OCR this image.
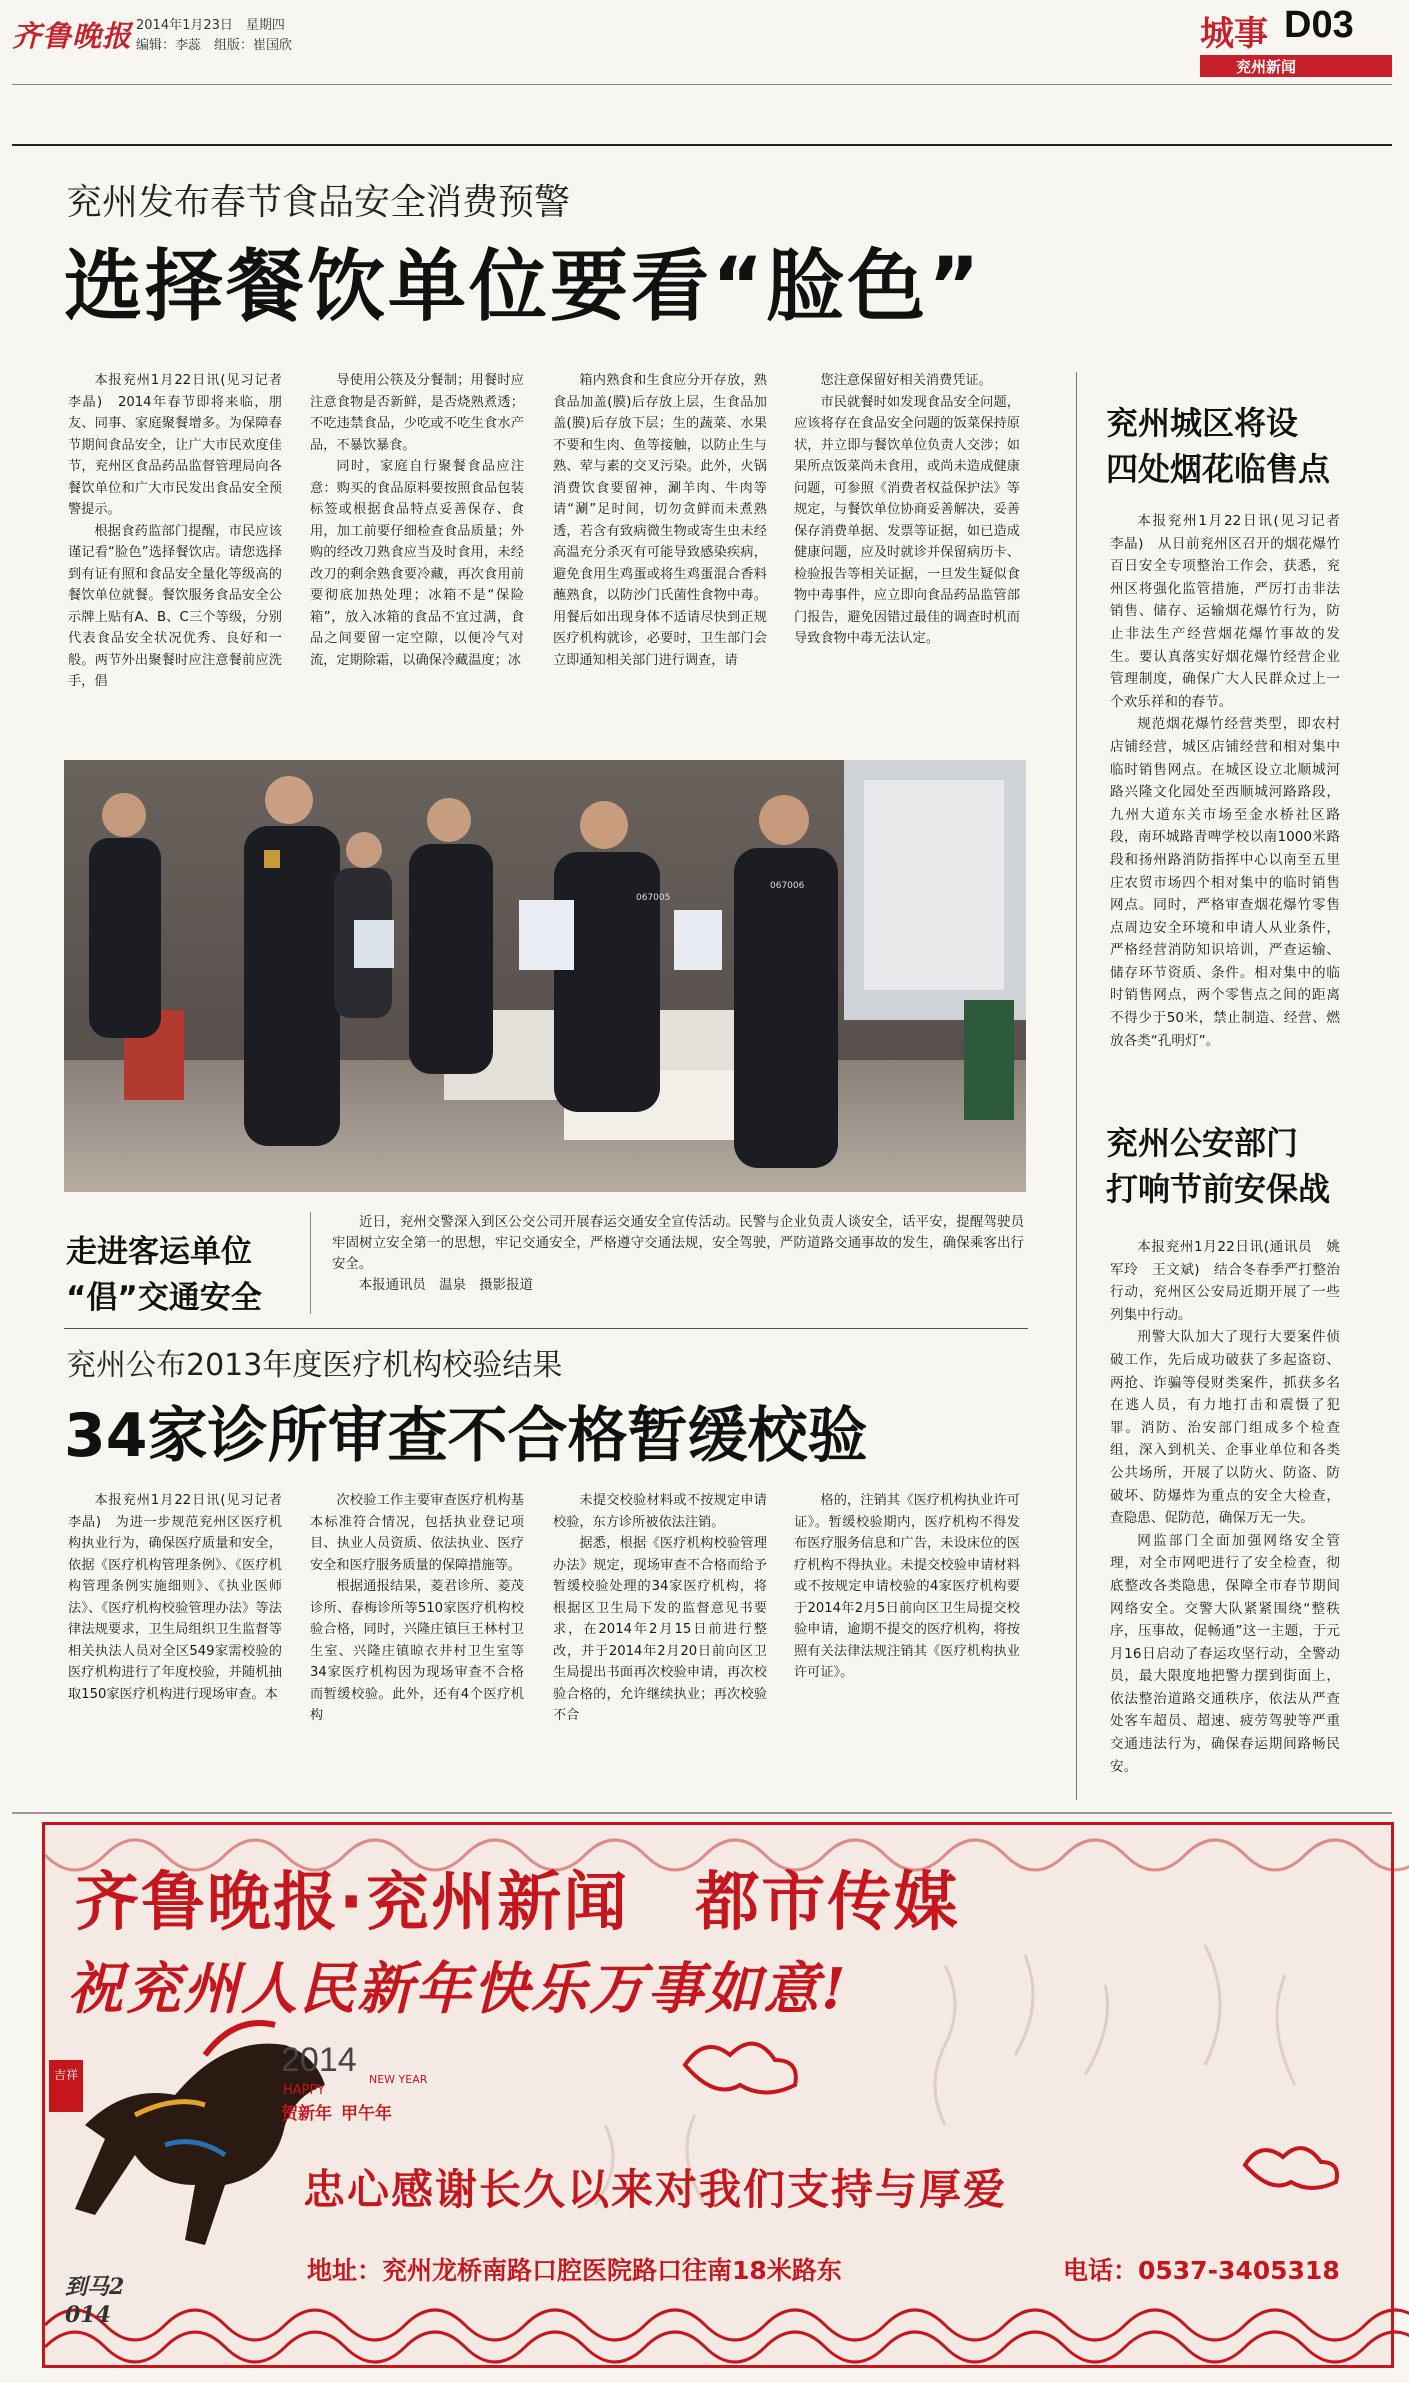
齐鲁晚报 2014年1月23日　星期四
编辑：李蕊　组版：崔国欣	城事 D03
兖州新闻
兖州发布春节食品安全消费预警
选择餐饮单位要看“脸色”

本报兖州1月22日讯(见习记者　李晶)　2014年春节即将来临，朋友、同事、家庭聚餐增多。为保障春节期间食品安全，让广大市民欢度佳节，兖州区食品药品监督管理局向各餐饮单位和广大市民发出食品安全预警提示。

根据食药监部门提醒，市民应该谨记看“脸色”选择餐饮店。请您选择到有证有照和食品安全量化等级高的餐饮单位就餐。餐饮服务食品安全公示牌上贴有A、B、C三个等级，分别代表食品安全状况优秀、良好和一般。两节外出聚餐时应注意餐前应洗手，倡

导使用公筷及分餐制；用餐时应注意食物是否新鲜，是否烧熟煮透；不吃违禁食品，少吃或不吃生食水产品，不暴饮暴食。

同时，家庭自行聚餐食品应注意：购买的食品原料要按照食品包装标签或根据食品特点妥善保存、食用，加工前要仔细检查食品质量；外购的经改刀熟食应当及时食用，未经改刀的剩余熟食要冷藏，再次食用前要彻底加热处理；冰箱不是“保险箱”，放入冰箱的食品不宜过满，食品之间要留一定空隙，以便冷气对流，定期除霜，以确保冷藏温度；冰

箱内熟食和生食应分开存放，熟食品加盖(膜)后存放上层，生食品加盖(膜)后存放下层；生的蔬菜、水果不要和生肉、鱼等接触，以防止生与熟、荤与素的交叉污染。此外，火锅消费饮食要留神，涮羊肉、牛肉等请“涮”足时间，切勿贪鲜而未煮熟透，若含有致病微生物或寄生虫未经高温充分杀灭有可能导致感染疾病，避免食用生鸡蛋或将生鸡蛋混合香料蘸熟食，以防沙门氏菌性食物中毒。用餐后如出现身体不适请尽快到正规医疗机构就诊，必要时，卫生部门会立即通知相关部门进行调查，请

您注意保留好相关消费凭证。

市民就餐时如发现食品安全问题，应该将存在食品安全问题的饭菜保持原状，并立即与餐饮单位负责人交涉；如果所点饭菜尚未食用，或尚未造成健康问题，可参照《消费者权益保护法》等规定，与餐饮单位协商妥善解决，妥善保存消费单据、发票等证据，如已造成健康问题，应及时就诊并保留病历卡、检验报告等相关证据，一旦发生疑似食物中毒事件，应立即向食品药品监管部门报告，避免因错过最佳的调查时机而导致食物中毒无法认定。

067005
067006
走进客运单位
“倡”交通安全
近日，兖州交警深入到区公交公司开展春运交通安全宣传活动。民警与企业负责人谈安全，话平安，提醒驾驶员牢固树立安全第一的思想，牢记交通安全，严格遵守交通法规，安全驾驶，严防道路交通事故的发生，确保乘客出行安全。
本报通讯员　温泉　摄影报道
兖州公布2013年度医疗机构校验结果
34家诊所审查不合格暂缓校验

本报兖州1月22日讯(见习记者　李晶)　为进一步规范兖州区医疗机构执业行为，确保医疗质量和安全，依据《医疗机构管理条例》、《医疗机构管理条例实施细则》、《执业医师法》、《医疗机构校验管理办法》等法律法规要求，卫生局组织卫生监督等相关执法人员对全区549家需校验的医疗机构进行了年度校验，并随机抽取150家医疗机构进行现场审查。本

次校验工作主要审查医疗机构基本标准符合情况，包括执业登记项目、执业人员资质、依法执业、医疗安全和医疗服务质量的保障措施等。

根据通报结果，菱君诊所、菱茂诊所、春梅诊所等510家医疗机构校验合格，同时，兴隆庄镇巨王林村卫生室、兴隆庄镇晾衣井村卫生室等34家医疗机构因为现场审查不合格而暂缓校验。此外，还有4个医疗机构

未提交校验材料或不按规定申请校验，东方诊所被依法注销。

据悉，根据《医疗机构校验管理办法》规定，现场审查不合格而给予暂缓校验处理的34家医疗机构，将根据区卫生局下发的监督意见书要求，在2014年2月15日前进行整改，并于2014年2月20日前向区卫生局提出书面再次校验申请，再次校验合格的，允许继续执业；再次校验不合

格的，注销其《医疗机构执业许可证》。暂缓校验期内，医疗机构不得发布医疗服务信息和广告，未设床位的医疗机构不得执业。未提交校验申请材料或不按规定申请校验的4家医疗机构要于2014年2月5日前向区卫生局提交校验申请，逾期不提交的医疗机构，将按照有关法律法规注销其《医疗机构执业许可证》。

兖州城区将设
四处烟花临售点

本报兖州1月22日讯(见习记者　李晶)　从日前兖州区召开的烟花爆竹百日安全专项整治工作会，获悉，兖州区将强化监管措施，严厉打击非法销售、储存、运输烟花爆竹行为，防止非法生产经营烟花爆竹事故的发生。要认真落实好烟花爆竹经营企业管理制度，确保广大人民群众过上一个欢乐祥和的春节。

规范烟花爆竹经营类型，即农村店铺经营，城区店铺经营和相对集中临时销售网点。在城区设立北顺城河路兴隆文化园处至西顺城河路路段，九州大道东关市场至金水桥社区路段，南环城路青啤学校以南1000米路段和扬州路消防指挥中心以南至五里庄农贸市场四个相对集中的临时销售网点。同时，严格审查烟花爆竹零售点周边安全环境和申请人从业条件，严格经营消防知识培训，严查运输、储存环节资质、条件。相对集中的临时销售网点，两个零售点之间的距离不得少于50米，禁止制造、经营、燃放各类“孔明灯”。

兖州公安部门
打响节前安保战

本报兖州1月22日讯(通讯员　姚军玲　王文斌)　结合冬春季严打整治行动，兖州区公安局近期开展了一些列集中行动。

刑警大队加大了现行大要案件侦破工作，先后成功破获了多起盗窃、两抢、诈骗等侵财类案件，抓获多名在逃人员，有力地打击和震慑了犯罪。消防、治安部门组成多个检查组，深入到机关、企事业单位和各类公共场所，开展了以防火、防盗、防破坏、防爆炸为重点的安全大检查，查隐患、促防范，确保万无一失。

网监部门全面加强网络安全管理，对全市网吧进行了安全检查，彻底整改各类隐患，保障全市春节期间网络安全。交警大队紧紧围绕“整秩序，压事故，促畅通”这一主题，于元月16日启动了春运攻坚行动，全警动员，最大限度地把警力摆到街面上，依法整治道路交通秩序，依法从严查处客车超员、超速、疲劳驾驶等严重交通违法行为，确保春运期间路畅民安。

齐鲁晚报·兖州新闻　都市传媒
祝兖州人民新年快乐万事如意!
2014
HAPPY
NEW YEAR
贺新年 甲午年
忠心感谢长久以来对我们支持与厚爱
地址：兖州龙桥南路口腔医院路口往南18米路东	电话：0537-3405318
吉祥
到马2014
